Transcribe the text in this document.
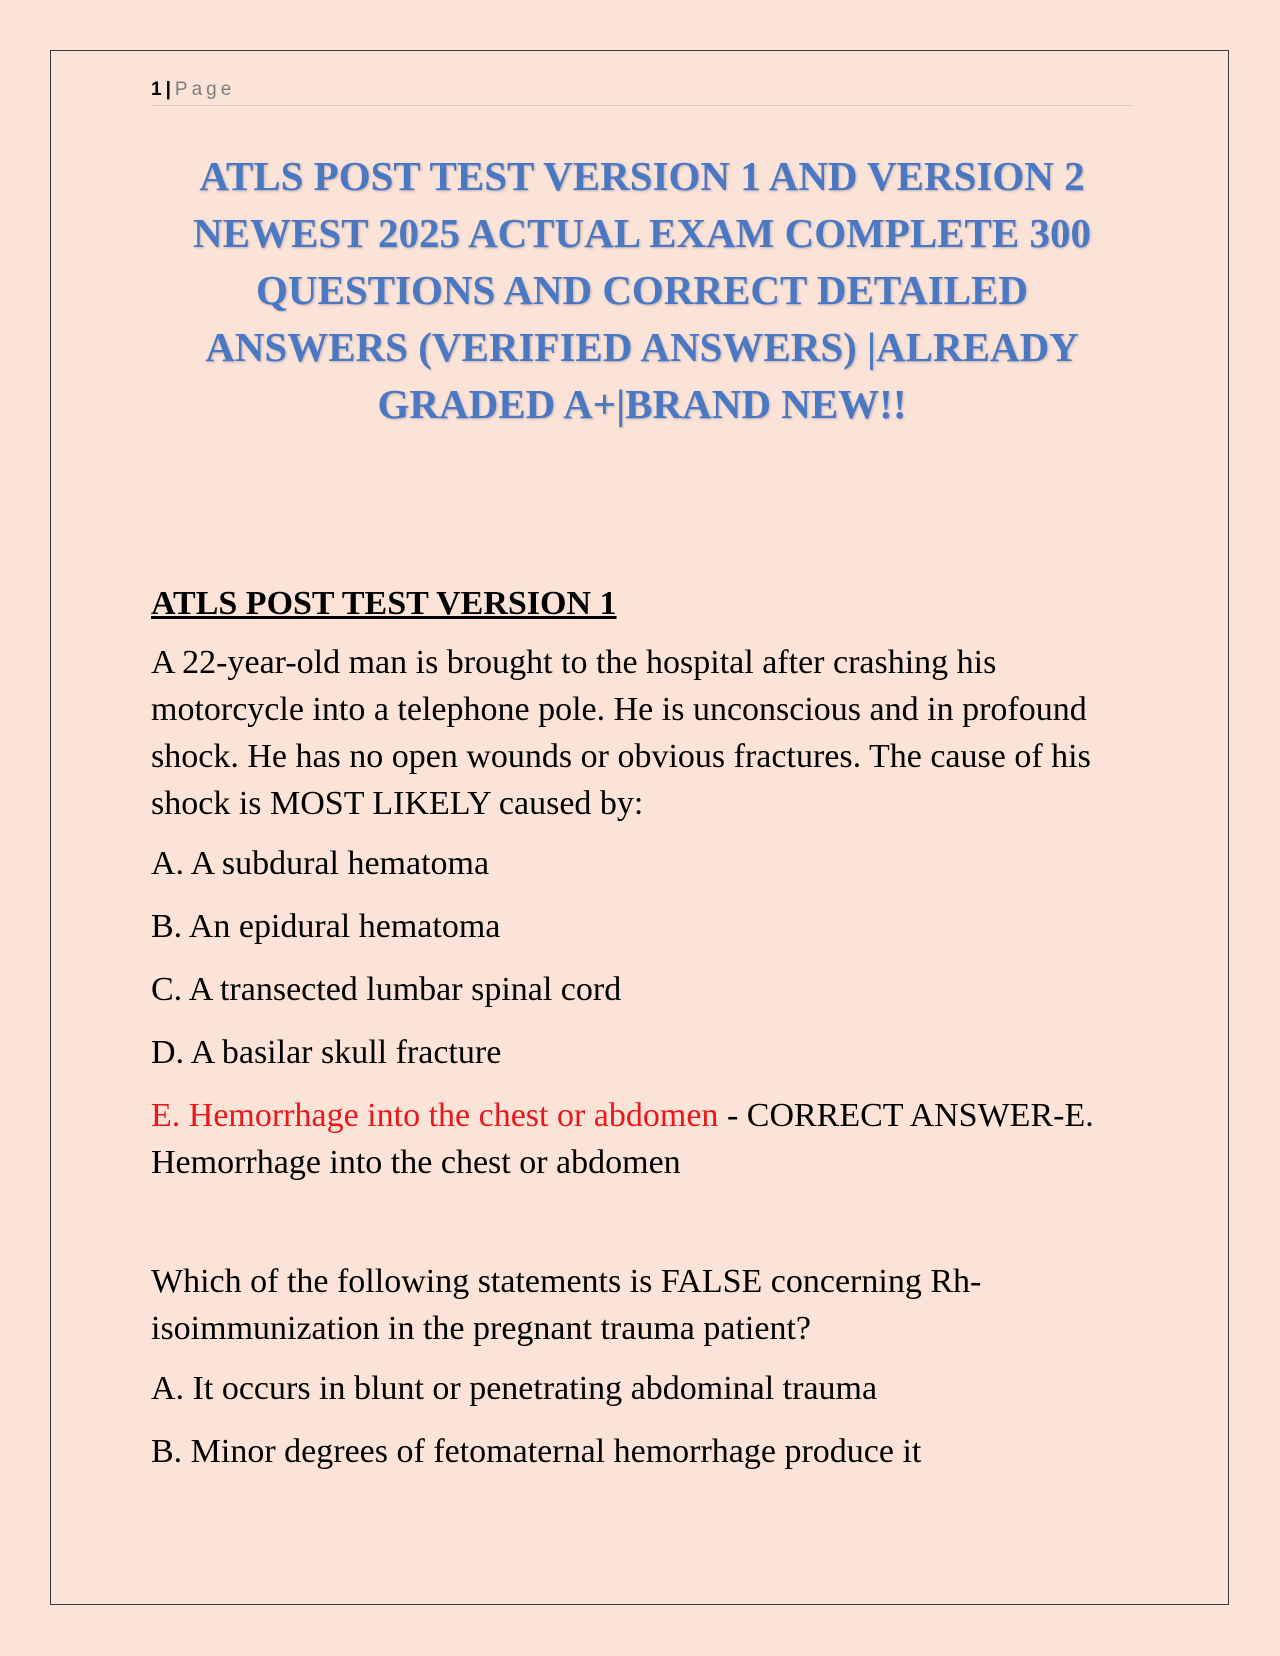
1 | Page
ATLS POST TEST VERSION 1 AND VERSION 2 NEWEST 2025 ACTUAL EXAM COMPLETE 300 QUESTIONS AND CORRECT DETAILED ANSWERS (VERIFIED ANSWERS) |ALREADY GRADED A+|BRAND NEW!!
ATLS POST TEST VERSION 1
A 22-year-old man is brought to the hospital after crashing his motorcycle into a telephone pole. He is unconscious and in profound shock. He has no open wounds or obvious fractures. The cause of his shock is MOST LIKELY caused by:
A. A subdural hematoma
B. An epidural hematoma
C. A transected lumbar spinal cord
D. A basilar skull fracture
E. Hemorrhage into the chest or abdomen - CORRECT ANSWER-E. Hemorrhage into the chest or abdomen
Which of the following statements is FALSE concerning Rh-isoimmunization in the pregnant trauma patient?
A. It occurs in blunt or penetrating abdominal trauma
B. Minor degrees of fetomaternal hemorrhage produce it
